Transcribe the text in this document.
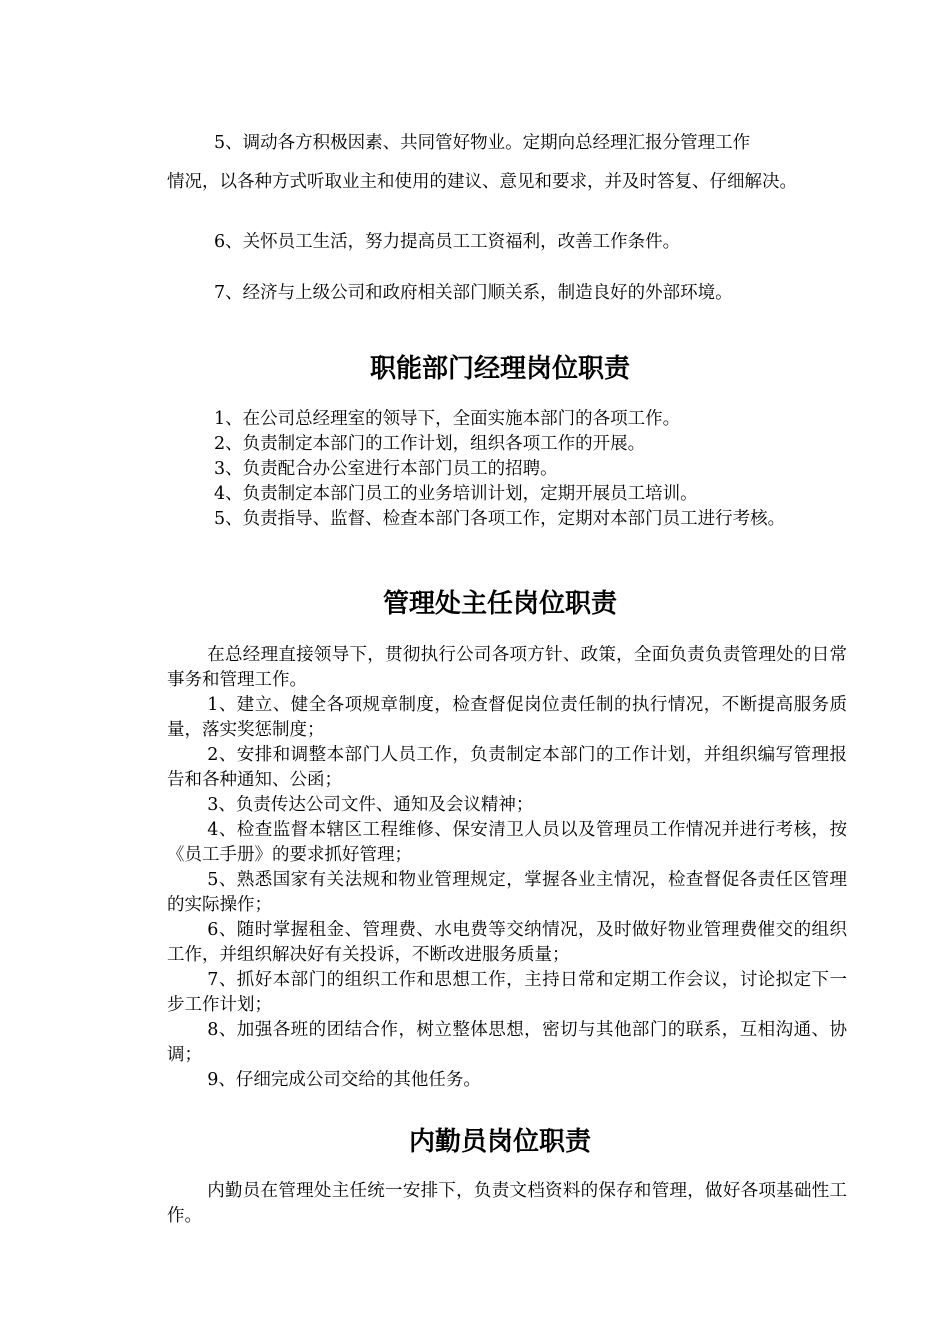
5、调动各方积极因素、共同管好物业。定期向总经理汇报分管理工作

情况，以各种方式听取业主和使用的建议、意见和要求，并及时答复、仔细解决。

6、关怀员工生活，努力提高员工工资福利，改善工作条件。

7、经济与上级公司和政府相关部门顺关系，制造良好的外部环境。

职能部门经理岗位职责

1、在公司总经理室的领导下，全面实施本部门的各项工作。

2、负责制定本部门的工作计划，组织各项工作的开展。

3、负责配合办公室进行本部门员工的招聘。

4、负责制定本部门员工的业务培训计划，定期开展员工培训。

5、负责指导、监督、检查本部门各项工作，定期对本部门员工进行考核。

管理处主任岗位职责

在总经理直接领导下，贯彻执行公司各项方针、政策，全面负责负责管理处的日常事务和管理工作。

1、建立、健全各项规章制度，检查督促岗位责任制的执行情况，不断提高服务质量，落实奖惩制度；

2、安排和调整本部门人员工作，负责制定本部门的工作计划，并组织编写管理报告和各种通知、公函；

3、负责传达公司文件、通知及会议精神；

4、检查监督本辖区工程维修、保安清卫人员以及管理员工作情况并进行考核，按《员工手册》的要求抓好管理；

5、熟悉国家有关法规和物业管理规定，掌握各业主情况，检查督促各责任区管理的实际操作；

6、随时掌握租金、管理费、水电费等交纳情况，及时做好物业管理费催交的组织工作，并组织解决好有关投诉，不断改进服务质量；

7、抓好本部门的组织工作和思想工作，主持日常和定期工作会议，讨论拟定下一步工作计划；

8、加强各班的团结合作，树立整体思想，密切与其他部门的联系，互相沟通、协调；

9、仔细完成公司交给的其他任务。

内勤员岗位职责

内勤员在管理处主任统一安排下，负责文档资料的保存和管理，做好各项基础性工作。
